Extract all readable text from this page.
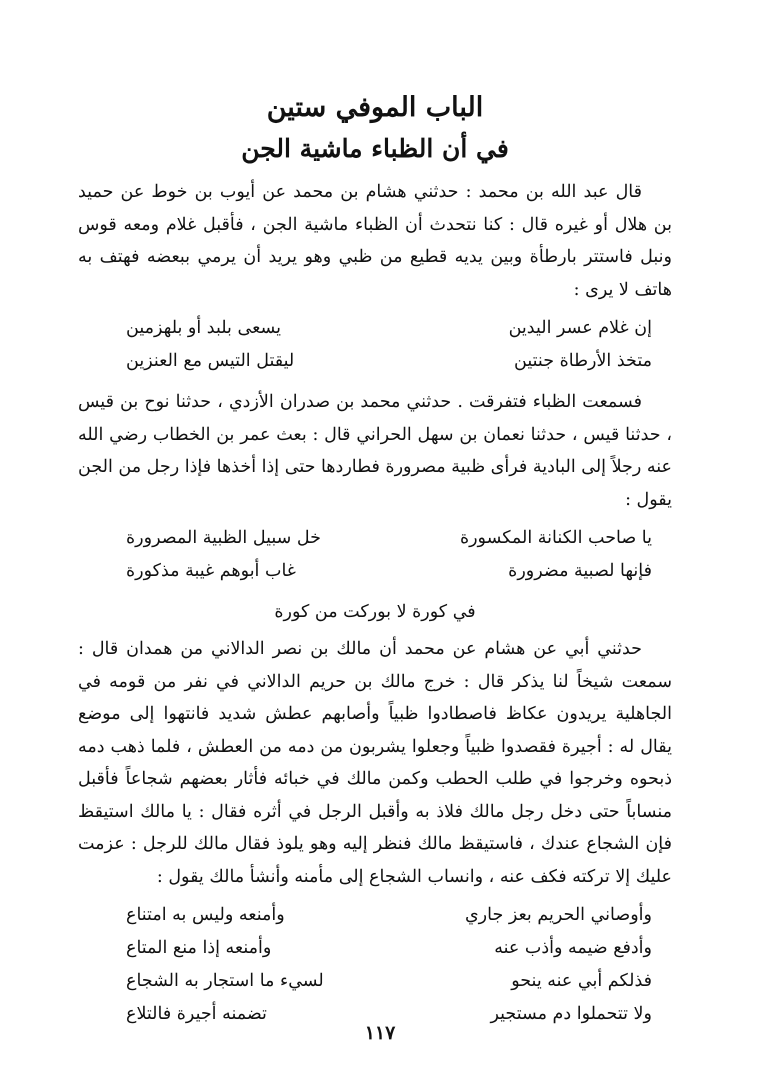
الباب الموفي ستين
في أن الظباء ماشية الجن

قال عبد الله بن محمد : حدثني هشام بن محمد عن أيوب بن خوط عن حميد بن هلال أو غيره قال : كنا نتحدث أن الظباء ماشية الجن ، فأقبل غلام ومعه قوس ونبل فاستتر بارطأة وبين يديه قطيع من ظبي وهو يريد أن يرمي ببعضه فهتف به هاتف لا يرى :

إن غلام عسر اليدين
يسعى بلبد أو بلهزمين
متخذ الأرطاة جنتين
ليقتل التيس مع العنزين

فسمعت الظباء فتفرقت . حدثني محمد بن صدران الأزدي ، حدثنا نوح بن قيس ، حدثنا قيس ، حدثنا نعمان بن سهل الحراني قال : بعث عمر بن الخطاب رضي الله عنه رجلاً إلى البادية فرأى ظبية مصرورة فطاردها حتى إذا أخذها فإذا رجل من الجن يقول :

يا صاحب الكنانة المكسورة
خل سبيل الظبية المصرورة
فإنها لصبية مضرورة
غاب أبوهم غيبة مذكورة

في كورة لا بوركت من كورة

حدثني أبي عن هشام عن محمد أن مالك بن نصر الدالاني من همدان قال : سمعت شيخاً لنا يذكر قال : خرج مالك بن حريم الدالاني في نفر من قومه في الجاهلية يريدون عكاظ فاصطادوا ظبياً وأصابهم عطش شديد فانتهوا إلى موضع يقال له : أجيرة فقصدوا ظبياً وجعلوا يشربون من دمه من العطش ، فلما ذهب دمه ذبحوه وخرجوا في طلب الحطب وكمن مالك في خبائه فأثار بعضهم شجاعاً فأقبل منساباً حتى دخل رجل مالك فلاذ به وأقبل الرجل في أثره فقال : يا مالك استيقظ فإن الشجاع عندك ، فاستيقظ مالك فنظر إليه وهو يلوذ فقال مالك للرجل : عزمت عليك إلا تركته فكف عنه ، وانساب الشجاع إلى مأمنه وأنشأ مالك يقول :

وأوصاني الحريم بعز جاري
وأمنعه وليس به امتناع
وأدفع ضيمه وأذب عنه
وأمنعه إذا منع المتاع
فذلكم أبي عنه ينحو
لسيء ما استجار به الشجاع
ولا تتحملوا دم مستجير
تضمنه أجيرة فالتلاع
١١٧
